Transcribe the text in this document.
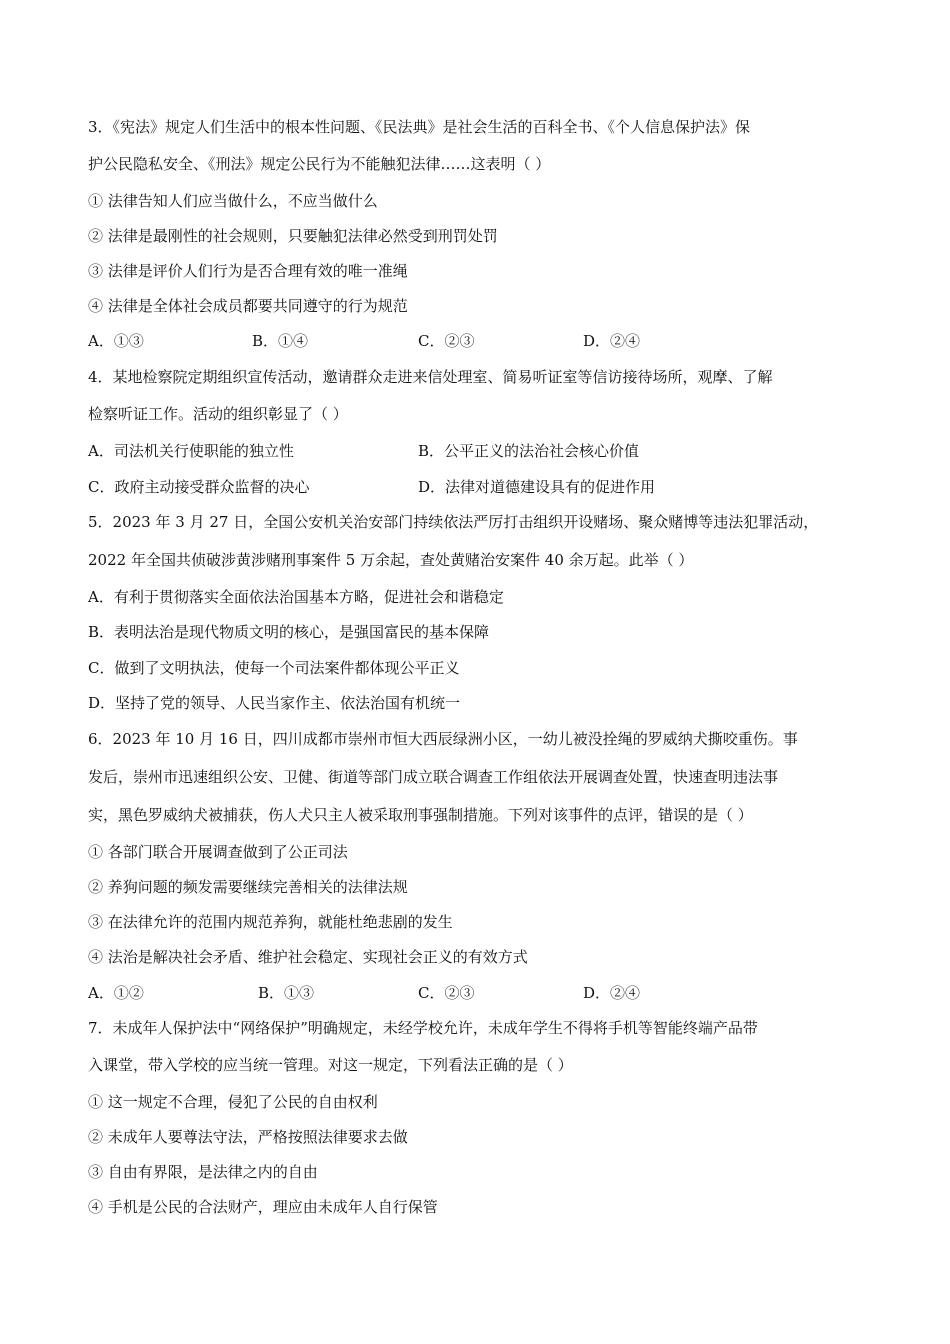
3．《宪法》规定人们生活中的根本性问题、《民法典》是社会生活的百科全书、《个人信息保护法》保
护公民隐私安全、《刑法》规定公民行为不能触犯法律……这表明（ ）
① 法律告知人们应当做什么，不应当做什么
② 法律是最刚性的社会规则，只要触犯法律必然受到刑罚处罚
③ 法律是评价人们行为是否合理有效的唯一准绳
④ 法律是全体社会成员都要共同遵守的行为规范
A．①③	B．①④	C．②③	D．②④
4．某地检察院定期组织宣传活动，邀请群众走进来信处理室、简易听证室等信访接待场所，观摩、了解
检察听证工作。活动的组织彰显了（ ）
A．司法机关行使职能的独立性	B．公平正义的法治社会核心价值
C．政府主动接受群众监督的决心	D．法律对道德建设具有的促进作用
5．2023 年 3 月 27 日，全国公安机关治安部门持续依法严厉打击组织开设赌场、聚众赌博等违法犯罪活动，
2022 年全国共侦破涉黄涉赌刑事案件 5 万余起，查处黄赌治安案件 40 余万起。此举（ ）
A．有利于贯彻落实全面依法治国基本方略，促进社会和谐稳定
B．表明法治是现代物质文明的核心，是强国富民的基本保障
C．做到了文明执法，使每一个司法案件都体现公平正义
D．坚持了党的领导、人民当家作主、依法治国有机统一
6．2023 年 10 月 16 日，四川成都市崇州市恒大西辰绿洲小区，一幼儿被没拴绳的罗威纳犬撕咬重伤。事
发后，崇州市迅速组织公安、卫健、街道等部门成立联合调查工作组依法开展调查处置，快速查明违法事
实，黑色罗威纳犬被捕获，伤人犬只主人被采取刑事强制措施。下列对该事件的点评，错误的是（ ）
① 各部门联合开展调查做到了公正司法
② 养狗问题的频发需要继续完善相关的法律法规
③ 在法律允许的范围内规范养狗，就能杜绝悲剧的发生
④ 法治是解决社会矛盾、维护社会稳定、实现社会正义的有效方式
A．①②	B．①③	C．②③	D．②④
7．未成年人保护法中“网络保护”明确规定，未经学校允许，未成年学生不得将手机等智能终端产品带
入课堂，带入学校的应当统一管理。对这一规定，下列看法正确的是（ ）
① 这一规定不合理，侵犯了公民的自由权利
② 未成年人要尊法守法，严格按照法律要求去做
③ 自由有界限，是法律之内的自由
④ 手机是公民的合法财产，理应由未成年人自行保管
